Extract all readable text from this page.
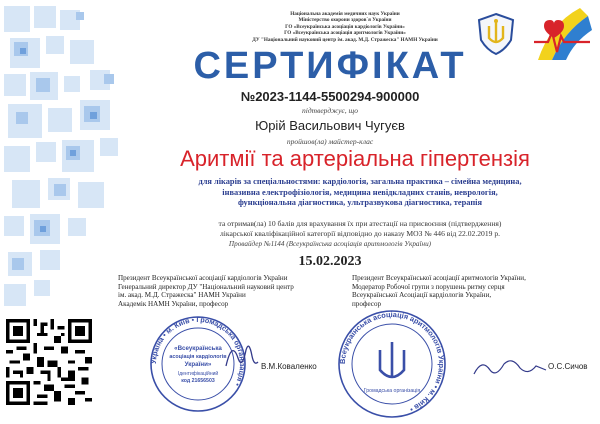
Національна академія медичних наук України
Міністерство охорони здоров`я України
ГО «Всеукраїнська асоціація кардіологів України»
ГО «Всеукраїнська асоціація аритмологів України»
ДУ "Національний науковий центр ім. акад. М.Д. Стражеска" НАМН України
СЕРТИФІКАТ
№2023-1144-5500294-900000
підтверджує, що
Юрій Васильович Чугуєв
пройшов(ла) майстер-клас
Аритмії та артеріальна гіпертензія
для лікарів за спеціальностями: кардіологія, загальна практика – сімейна медицина,
інвазивна електрофізіологія, медицина невідкладних станів, неврологія,
функціональна діагностика, ультразвукова діагностика, терапія
та отримав(ла) 10 балів для врахування їх при атестації на присвоєння (підтвердження)
лікарської кваліфікаційної категорії відповідно до наказу МОЗ № 446 від 22.02.2019 р.
Провайдер №1144 (Всеукраїнська асоціація аритмологів України)
15.02.2023
Президент Всеукраїнської асоціації кардіологів України
Генеральний директор ДУ "Національний науковий центр
ім. акад. М.Д. Стражеска" НАМН України
Академік НАМН України, професор
Президент Всеукраїнської асоціації аритмологів України,
Модератор Робочої групи з порушень ритму серця
Всеукраїнської Асоціації кардіологів України,
професор
Україна • м. Київ • Громадська організація •
«Всеукраїнська
асоціація кардіологів
України»
Ідентифікаційний
код 21656503
В.М.Коваленко
Всеукраїнська асоціація аритмологів України • м. Київ •
Громадська організація
О.С.Сичов
